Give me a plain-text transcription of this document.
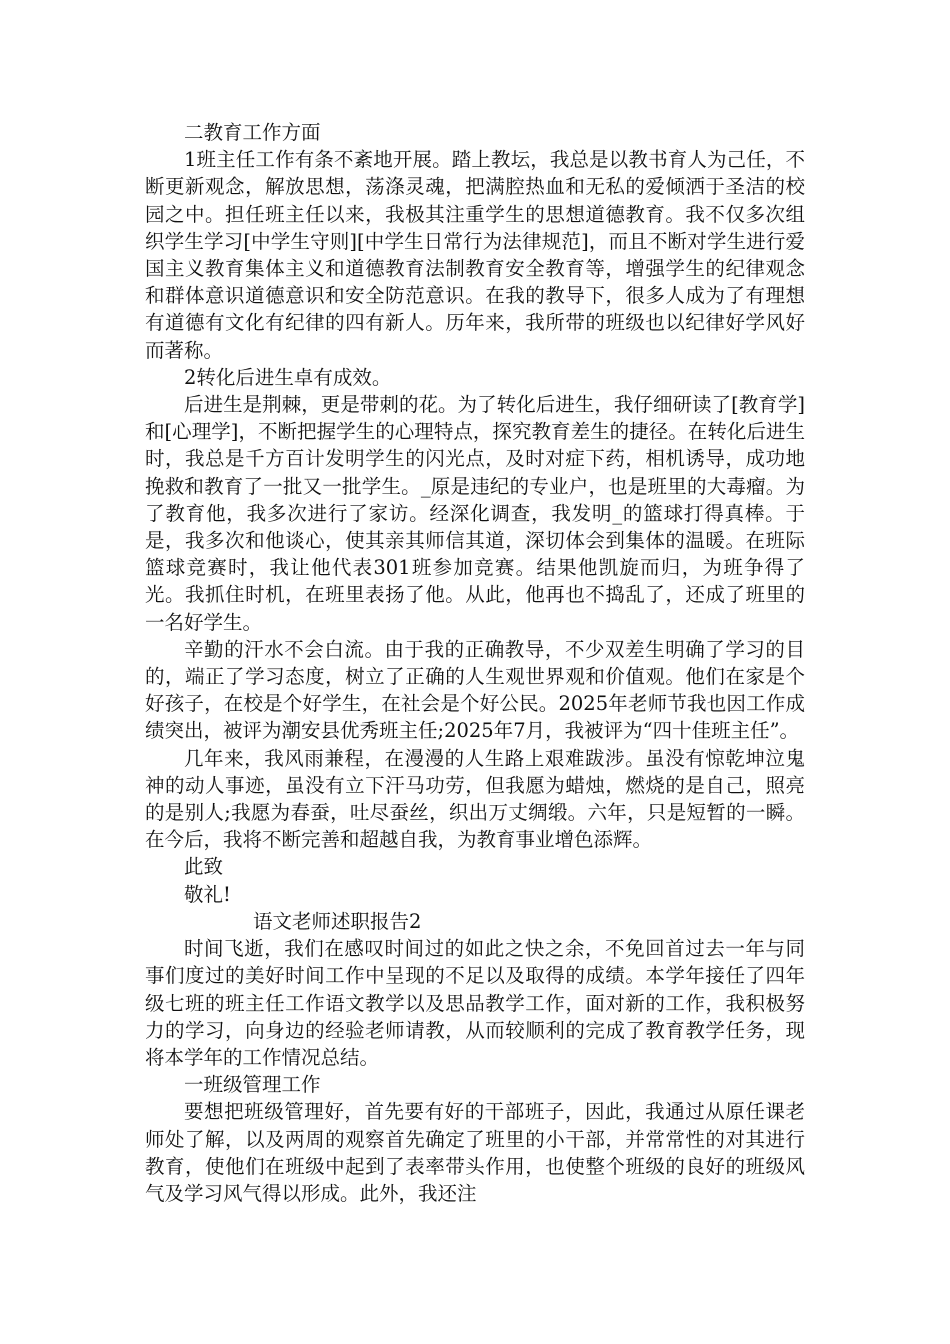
二教育工作方面

1班主任工作有条不紊地开展。踏上教坛，我总是以教书育人为己任，不断更新观念，解放思想，荡涤灵魂，把满腔热血和无私的爱倾洒于圣洁的校园之中。担任班主任以来，我极其注重学生的思想道德教育。我不仅多次组织学生学习[中学生守则][中学生日常行为法律规范]，而且不断对学生进行爱国主义教育集体主义和道德教育法制教育安全教育等，增强学生的纪律观念和群体意识道德意识和安全防范意识。在我的教导下，很多人成为了有理想有道德有文化有纪律的四有新人。历年来，我所带的班级也以纪律好学风好而著称。

2转化后进生卓有成效。

后进生是荆棘，更是带刺的花。为了转化后进生，我仔细研读了[教育学]和[心理学]，不断把握学生的心理特点，探究教育差生的捷径。在转化后进生时，我总是千方百计发明学生的闪光点，及时对症下药，相机诱导，成功地挽救和教育了一批又一批学生。_原是违纪的专业户，也是班里的大毒瘤。为了教育他，我多次进行了家访。经深化调查，我发明_的篮球打得真棒。于是，我多次和他谈心，使其亲其师信其道，深切体会到集体的温暖。在班际篮球竞赛时，我让他代表301班参加竞赛。结果他凯旋而归，为班争得了光。我抓住时机，在班里表扬了他。从此，他再也不捣乱了，还成了班里的一名好学生。

辛勤的汗水不会白流。由于我的正确教导，不少双差生明确了学习的目的，端正了学习态度，树立了正确的人生观世界观和价值观。他们在家是个好孩子，在校是个好学生，在社会是个好公民。2025年老师节我也因工作成绩突出，被评为潮安县优秀班主任;2025年7月，我被评为“四十佳班主任”。

几年来，我风雨兼程，在漫漫的人生路上艰难跋涉。虽没有惊乾坤泣鬼神的动人事迹，虽没有立下汗马功劳，但我愿为蜡烛，燃烧的是自己，照亮的是别人;我愿为春蚕，吐尽蚕丝，织出万丈绸缎。六年，只是短暂的一瞬。在今后，我将不断完善和超越自我，为教育事业增色添辉。

此致

敬礼!

语文老师述职报告2

时间飞逝，我们在感叹时间过的如此之快之余，不免回首过去一年与同事们度过的美好时间工作中呈现的不足以及取得的成绩。本学年接任了四年级七班的班主任工作语文教学以及思品教学工作，面对新的工作，我积极努力的学习，向身边的经验老师请教，从而较顺利的完成了教育教学任务，现将本学年的工作情况总结。

一班级管理工作

要想把班级管理好，首先要有好的干部班子，因此，我通过从原任课老师处了解，以及两周的观察首先确定了班里的小干部，并常常性的对其进行教育，使他们在班级中起到了表率带头作用，也使整个班级的良好的班级风气及学习风气得以形成。此外，我还注
